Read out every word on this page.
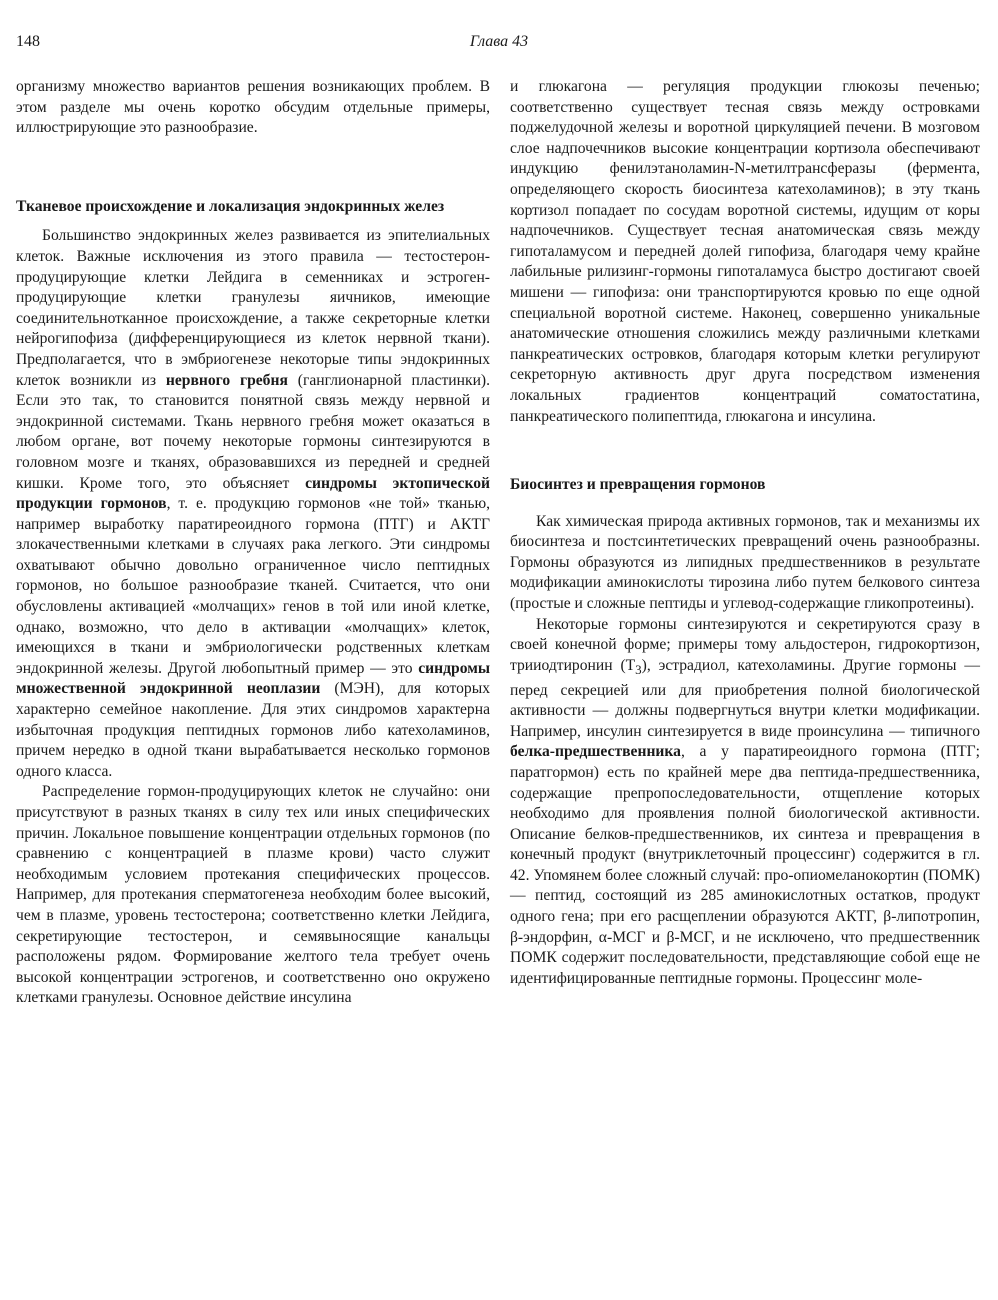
148	Глава 43

организму множество вариантов решения возникающих проблем. В этом разделе мы очень коротко обсудим отдельные примеры, иллюстрирующие это разнообразие.

Тканевое происхождение и локализация эндокринных желез

Большинство эндокринных желез развивается из эпителиальных клеток. Важные исключения из этого правила — тестостерон-продуцирующие клетки Лейдига в семенниках и эстроген-продуцирующие клетки гранулезы яичников, имеющие соединительнотканное происхождение, а также секреторные клетки нейрогипофиза (дифференцирующиеся из клеток нервной ткани). Предполагается, что в эмбриогенезе некоторые типы эндокринных клеток возникли из нервного гребня (ганглионарной пластинки). Если это так, то становится понятной связь между нервной и эндокринной системами. Ткань нервного гребня может оказаться в любом органе, вот почему некоторые гормоны синтезируются в головном мозге и тканях, образовавшихся из передней и средней кишки. Кроме того, это объясняет синдромы эктопической продукции гормонов, т. е. продукцию гормонов «не той» тканью, например выработку паратиреоидного гормона (ПТГ) и АКТГ злокачественными клетками в случаях рака легкого. Эти синдромы охватывают обычно довольно ограниченное число пептидных гормонов, но большое разнообразие тканей. Считается, что они обусловлены активацией «молчащих» генов в той или иной клетке, однако, возможно, что дело в активации «молчащих» клеток, имеющихся в ткани и эмбриологически родственных клеткам эндокринной железы. Другой любопытный пример — это синдромы множественной эндокринной неоплазии (МЭН), для которых характерно семейное накопление. Для этих синдромов характерна избыточная продукция пептидных гормонов либо катехоламинов, причем нередко в одной ткани вырабатывается несколько гормонов одного класса.

Распределение гормон-продуцирующих клеток не случайно: они присутствуют в разных тканях в силу тех или иных специфических причин. Локальное повышение концентрации отдельных гормонов (по сравнению с концентрацией в плазме крови) часто служит необходимым условием протекания специфических процессов. Например, для протекания сперматогенеза необходим более высокий, чем в плазме, уровень тестостерона; соответственно клетки Лейдига, секретирующие тестостерон, и семявыносящие канальцы расположены рядом. Формирование желтого тела требует очень высокой концентрации эстрогенов, и соответственно оно окружено клетками гранулезы. Основное действие инсулина

и глюкагона — регуляция продукции глюкозы печенью; соответственно существует тесная связь между островками поджелудочной железы и воротной циркуляцией печени. В мозговом слое надпочечников высокие концентрации кортизола обеспечивают индукцию фенилэтаноламин-N-метилтрансферазы (фермента, определяющего скорость биосинтеза катехоламинов); в эту ткань кортизол попадает по сосудам воротной системы, идущим от коры надпочечников. Существует тесная анатомическая связь между гипоталамусом и передней долей гипофиза, благодаря чему крайне лабильные рилизинг-гормоны гипоталамуса быстро достигают своей мишени — гипофиза: они транспортируются кровью по еще одной специальной воротной системе. Наконец, совершенно уникальные анатомические отношения сложились между различными клетками панкреатических островков, благодаря которым клетки регулируют секреторную активность друг друга посредством изменения локальных градиентов концентраций соматостатина, панкреатического полипептида, глюкагона и инсулина.

Биосинтез и превращения гормонов

Как химическая природа активных гормонов, так и механизмы их биосинтеза и постсинтетических превращений очень разнообразны. Гормоны образуются из липидных предшественников в результате модификации аминокислоты тирозина либо путем белкового синтеза (простые и сложные пептиды и углевод-содержащие гликопротеины).

Некоторые гормоны синтезируются и секретируются сразу в своей конечной форме; примеры тому альдостерон, гидрокортизон, трииодтиронин $(T_3)$, эстрадиол, катехоламины. Другие гормоны — перед секрецией или для приобретения полной биологической активности — должны подвергнуться внутри клетки модификации. Например, инсулин синтезируется в виде проинсулина — типичного белка-предшественника, а у паратиреоидного гормона (ПТГ; паратгормон) есть по крайней мере два пептида-предшественника, содержащие препропоследовательности, отщепление которых необходимо для проявления полной биологической активности. Описание белков-предшественников, их синтеза и превращения в конечный продукт (внутриклеточный процессинг) содержится в гл. 42. Упомянем более сложный случай: про-опиомеланокортин (ПОМК) — пептид, состоящий из 285 аминокислотных остатков, продукт одного гена; при его расщеплении образуются АКТГ, β-липотропин, β-эндорфин, α-МСГ и β-МСГ, и не исключено, что предшественник ПОМК содержит последовательности, представляющие собой еще не идентифицированные пептидные гормоны. Процессинг моле-
